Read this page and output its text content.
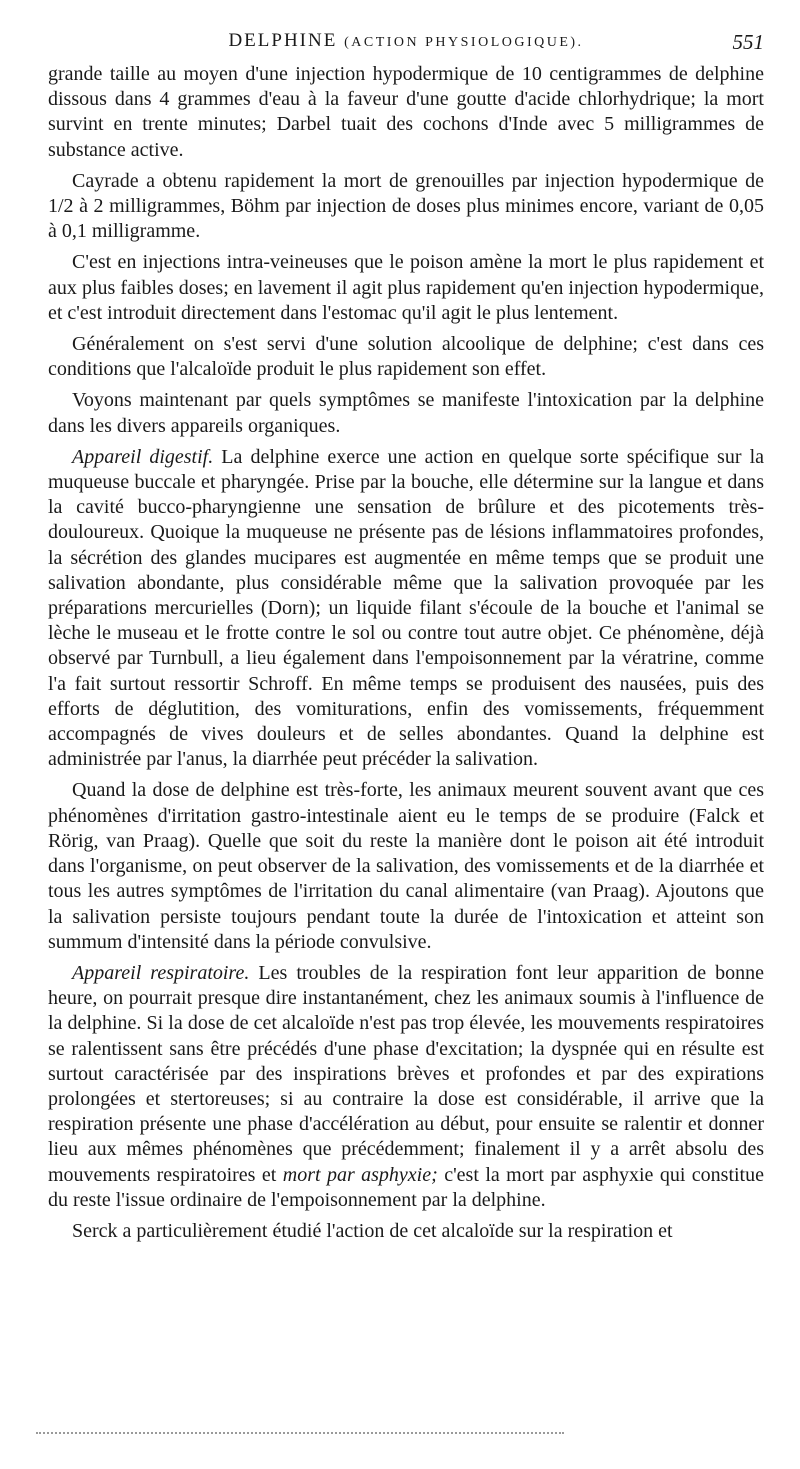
DELPHINE (ACTION PHYSIOLOGIQUE).	551

grande taille au moyen d'une injection hypodermique de 10 centigrammes de delphine dissous dans 4 grammes d'eau à la faveur d'une goutte d'acide chlorhydrique; la mort survint en trente minutes; Darbel tuait des cochons d'Inde avec 5 milligrammes de substance active.

Cayrade a obtenu rapidement la mort de grenouilles par injection hypodermique de 1/2 à 2 milligrammes, Böhm par injection de doses plus minimes encore, variant de 0,05 à 0,1 milligramme.

C'est en injections intra-veineuses que le poison amène la mort le plus rapidement et aux plus faibles doses; en lavement il agit plus rapidement qu'en injection hypodermique, et c'est introduit directement dans l'estomac qu'il agit le plus lentement.

Généralement on s'est servi d'une solution alcoolique de delphine; c'est dans ces conditions que l'alcaloïde produit le plus rapidement son effet.

Voyons maintenant par quels symptômes se manifeste l'intoxication par la delphine dans les divers appareils organiques.

Appareil digestif. La delphine exerce une action en quelque sorte spécifique sur la muqueuse buccale et pharyngée. Prise par la bouche, elle détermine sur la langue et dans la cavité bucco-pharyngienne une sensation de brûlure et des picotements très-douloureux. Quoique la muqueuse ne présente pas de lésions inflammatoires profondes, la sécrétion des glandes mucipares est augmentée en même temps que se produit une salivation abondante, plus considérable même que la salivation provoquée par les préparations mercurielles (Dorn); un liquide filant s'écoule de la bouche et l'animal se lèche le museau et le frotte contre le sol ou contre tout autre objet. Ce phénomène, déjà observé par Turnbull, a lieu également dans l'empoisonnement par la vératrine, comme l'a fait surtout ressortir Schroff. En même temps se produisent des nausées, puis des efforts de déglutition, des vomiturations, enfin des vomissements, fréquemment accompagnés de vives douleurs et de selles abondantes. Quand la delphine est administrée par l'anus, la diarrhée peut précéder la salivation.

Quand la dose de delphine est très-forte, les animaux meurent souvent avant que ces phénomènes d'irritation gastro-intestinale aient eu le temps de se produire (Falck et Rörig, van Praag). Quelle que soit du reste la manière dont le poison ait été introduit dans l'organisme, on peut observer de la salivation, des vomissements et de la diarrhée et tous les autres symptômes de l'irritation du canal alimentaire (van Praag). Ajoutons que la salivation persiste toujours pendant toute la durée de l'intoxication et atteint son summum d'intensité dans la période convulsive.

Appareil respiratoire. Les troubles de la respiration font leur apparition de bonne heure, on pourrait presque dire instantanément, chez les animaux soumis à l'influence de la delphine. Si la dose de cet alcaloïde n'est pas trop élevée, les mouvements respiratoires se ralentissent sans être précédés d'une phase d'excitation; la dyspnée qui en résulte est surtout caractérisée par des inspirations brèves et profondes et par des expirations prolongées et stertoreuses; si au contraire la dose est considérable, il arrive que la respiration présente une phase d'accélération au début, pour ensuite se ralentir et donner lieu aux mêmes phénomènes que précédemment; finalement il y a arrêt absolu des mouvements respiratoires et mort par asphyxie; c'est la mort par asphyxie qui constitue du reste l'issue ordinaire de l'empoisonnement par la delphine.

Serck a particulièrement étudié l'action de cet alcaloïde sur la respiration et
